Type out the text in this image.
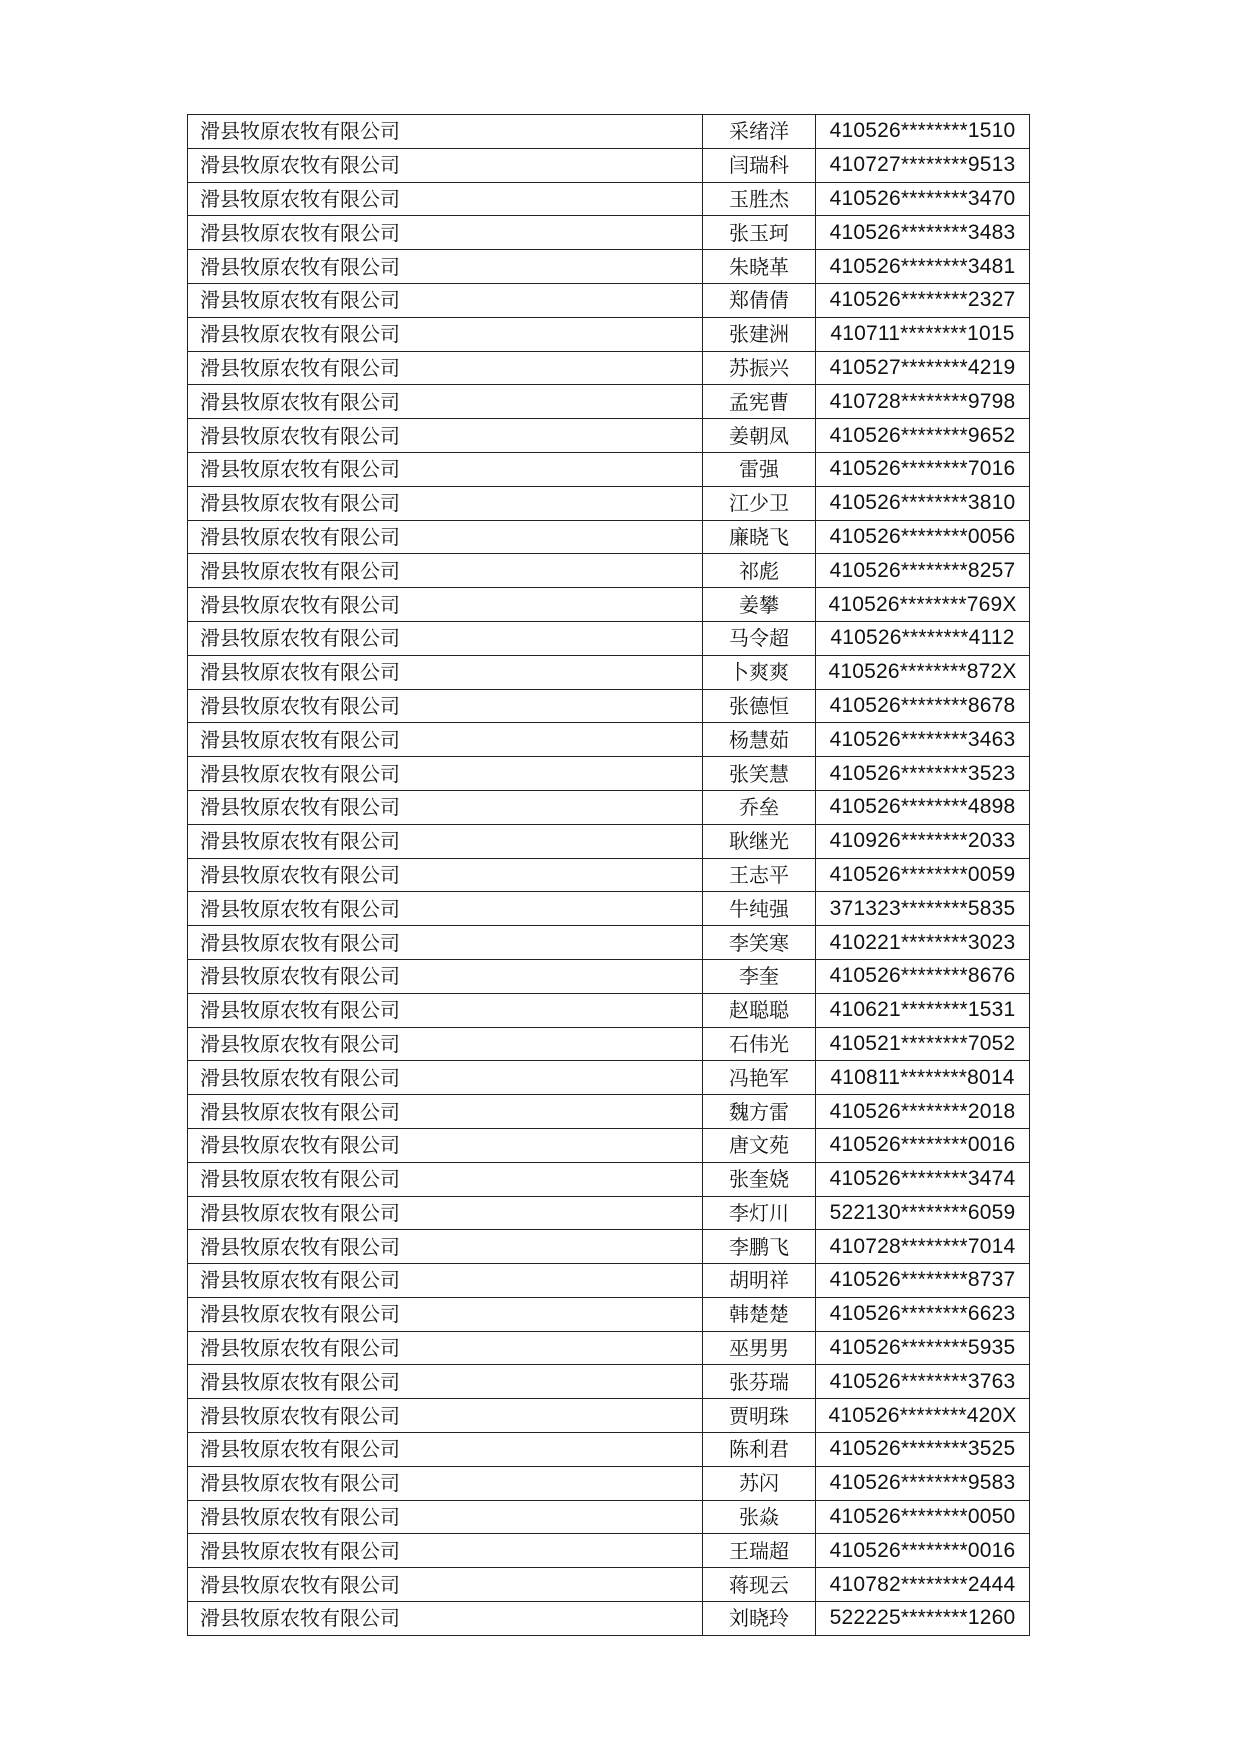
滑县牧原农牧有限公司	采绪洋	410526********1510
滑县牧原农牧有限公司	闫瑞科	410727********9513
滑县牧原农牧有限公司	玉胜杰	410526********3470
滑县牧原农牧有限公司	张玉珂	410526********3483
滑县牧原农牧有限公司	朱晓革	410526********3481
滑县牧原农牧有限公司	郑倩倩	410526********2327
滑县牧原农牧有限公司	张建洲	410711********1015
滑县牧原农牧有限公司	苏振兴	410527********4219
滑县牧原农牧有限公司	孟宪曹	410728********9798
滑县牧原农牧有限公司	姜朝凤	410526********9652
滑县牧原农牧有限公司	雷强	410526********7016
滑县牧原农牧有限公司	江少卫	410526********3810
滑县牧原农牧有限公司	廉晓飞	410526********0056
滑县牧原农牧有限公司	祁彪	410526********8257
滑县牧原农牧有限公司	姜攀	410526********769X
滑县牧原农牧有限公司	马令超	410526********4112
滑县牧原农牧有限公司	卜爽爽	410526********872X
滑县牧原农牧有限公司	张德恒	410526********8678
滑县牧原农牧有限公司	杨慧茹	410526********3463
滑县牧原农牧有限公司	张笑慧	410526********3523
滑县牧原农牧有限公司	乔垒	410526********4898
滑县牧原农牧有限公司	耿继光	410926********2033
滑县牧原农牧有限公司	王志平	410526********0059
滑县牧原农牧有限公司	牛纯强	371323********5835
滑县牧原农牧有限公司	李笑寒	410221********3023
滑县牧原农牧有限公司	李奎	410526********8676
滑县牧原农牧有限公司	赵聪聪	410621********1531
滑县牧原农牧有限公司	石伟光	410521********7052
滑县牧原农牧有限公司	冯艳军	410811********8014
滑县牧原农牧有限公司	魏方雷	410526********2018
滑县牧原农牧有限公司	唐文苑	410526********0016
滑县牧原农牧有限公司	张奎娆	410526********3474
滑县牧原农牧有限公司	李灯川	522130********6059
滑县牧原农牧有限公司	李鹏飞	410728********7014
滑县牧原农牧有限公司	胡明祥	410526********8737
滑县牧原农牧有限公司	韩楚楚	410526********6623
滑县牧原农牧有限公司	巫男男	410526********5935
滑县牧原农牧有限公司	张芬瑞	410526********3763
滑县牧原农牧有限公司	贾明珠	410526********420X
滑县牧原农牧有限公司	陈利君	410526********3525
滑县牧原农牧有限公司	苏闪	410526********9583
滑县牧原农牧有限公司	张焱	410526********0050
滑县牧原农牧有限公司	王瑞超	410526********0016
滑县牧原农牧有限公司	蒋现云	410782********2444
滑县牧原农牧有限公司	刘晓玲	522225********1260
